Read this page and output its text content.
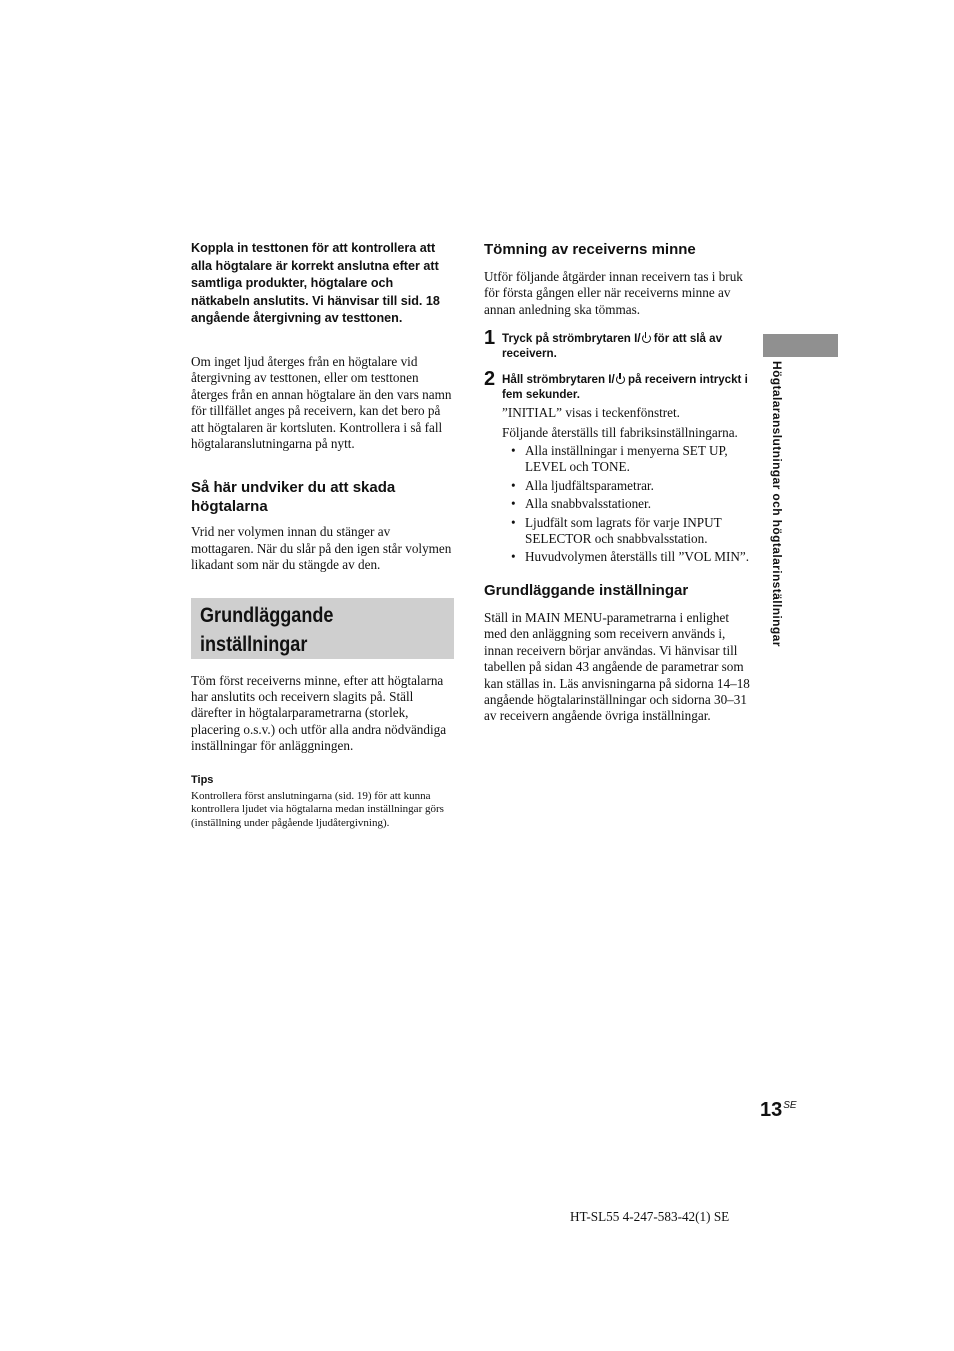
Koppla in testtonen för att kontrollera att alla högtalare är korrekt anslutna efter att samtliga produkter, högtalare och nätkabeln anslutits. Vi hänvisar till sid. 18 angående återgivning av testtonen.

Om inget ljud återges från en högtalare vid återgivning av testtonen, eller om testtonen återges från en annan högtalare än den vars namn för tillfället anges på receivern, kan det bero på att högtalaren är kortsluten. Kontrollera i så fall högtalaranslutningarna på nytt.

Så här undviker du att skada högtalarna

Vrid ner volymen innan du stänger av mottagaren. När du slår på den igen står volymen likadant som när du stängde av den.

Grundläggande
inställningar

Töm först receiverns minne, efter att högtalarna har anslutits och receivern slagits på. Ställ därefter in högtalarparametrarna (storlek, placering o.s.v.) och utför alla andra nödvändiga inställningar för anläggningen.

Tips

Kontrollera först anslutningarna (sid. 19) för att kunna kontrollera ljudet via högtalarna medan inställningar görs (inställning under pågående ljudåtergivning).

Tömning av receiverns minne

Utför följande åtgärder innan receivern tas i bruk för första gången eller när receiverns minne av annan anledning ska tömmas.

1 Tryck på strömbrytaren I/ för att slå av receivern.

2 Håll strömbrytaren I/ på receivern intryckt i fem sekunder.

”INITIAL” visas i teckenfönstret.

Följande återställs till fabriksinställningarna.

• Alla inställningar i menyerna SET UP, LEVEL och TONE.
• Alla ljudfältsparametrar.
• Alla snabbvalsstationer.
• Ljudfält som lagrats för varje INPUT SELECTOR och snabbvalsstation.
• Huvudvolymen återställs till ”VOL MIN”.
Grundläggande inställningar

Ställ in MAIN MENU-parametrarna i enlighet med den anläggning som receivern används i, innan receivern börjar användas. Vi hänvisar till tabellen på sidan 43 angående de parametrar som kan ställas in. Läs anvisningarna på sidorna 14–18 angående högtalarinställningar och sidorna 30–31 av receivern angående övriga inställningar.

Högtalaranslutningar och högtalarinställningar
$13^{SE}$
HT-SL55 4-247-583-42(1) SE
